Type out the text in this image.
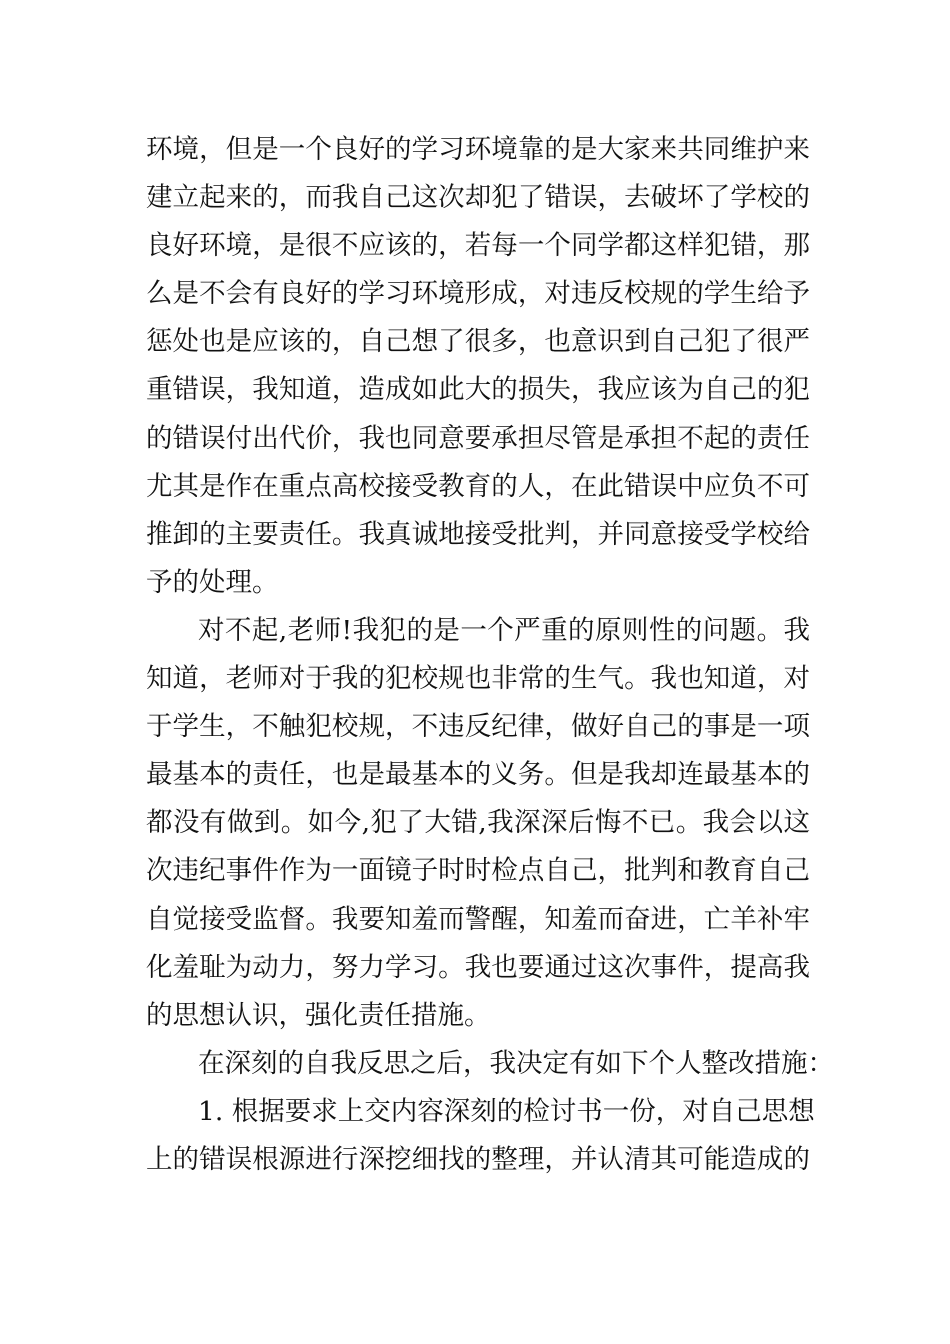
环境，但是一个良好的学习环境靠的是大家来共同维护来
建立起来的，而我自己这次却犯了错误，去破坏了学校的
良好环境，是很不应该的，若每一个同学都这样犯错，那
么是不会有良好的学习环境形成，对违反校规的学生给予
惩处也是应该的，自己想了很多，也意识到自己犯了很严
重错误，我知道，造成如此大的损失，我应该为自己的犯
的错误付出代价，我也同意要承担尽管是承担不起的责任
尤其是作在重点高校接受教育的人，在此错误中应负不可
推卸的主要责任。我真诚地接受批判，并同意接受学校给
予的处理。
对不起,老师!我犯的是一个严重的原则性的问题。我
知道，老师对于我的犯校规也非常的生气。我也知道，对
于学生，不触犯校规，不违反纪律，做好自己的事是一项
最基本的责任，也是最基本的义务。但是我却连最基本的
都没有做到。如今,犯了大错,我深深后悔不已。我会以这
次违纪事件作为一面镜子时时检点自己，批判和教育自己
自觉接受监督。我要知羞而警醒，知羞而奋进，亡羊补牢
化羞耻为动力，努力学习。我也要通过这次事件，提高我
的思想认识，强化责任措施。
在深刻的自我反思之后，我决定有如下个人整改措施：
1. 根据要求上交内容深刻的检讨书一份，对自己思想
上的错误根源进行深挖细找的整理，并认清其可能造成的
